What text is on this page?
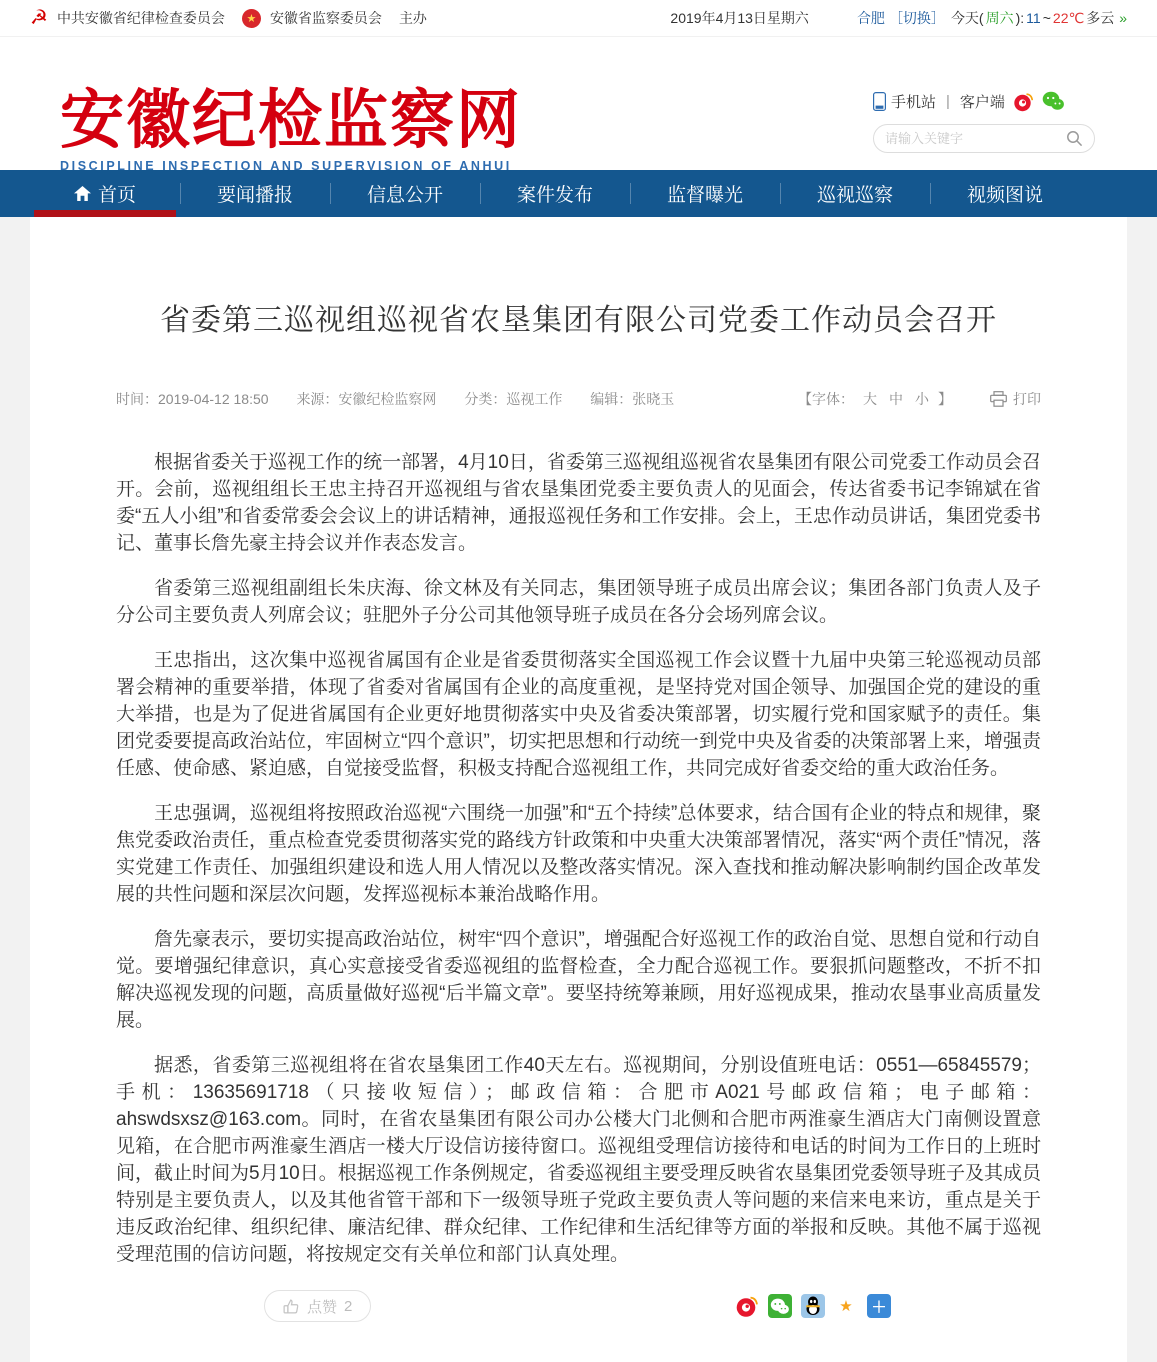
☭ 中共安徽省纪律检查委员会	★ 安徽省监察委员会 主办	2019年4月13日星期六	合肥 ［切换］ 今天( 周六 ): 11 ~ 22℃ 多云 »
安徽纪检监察网
DISCIPLINE INSPECTION AND SUPERVISION OF ANHUI
手机站 | 客户端
请输入关键字
首页	要闻播报	信息公开	案件发布	监督曝光	巡视巡察	视频图说
省委第三巡视组巡视省农垦集团有限公司党委工作动员会召开
时间：2019-04-12 18:50 来源：安徽纪检监察网 分类：巡视工作 编辑：张晓玉	【字体： 大 中 小 】	打印

根据省委关于巡视工作的统一部署，4月10日，省委第三巡视组巡视省农垦集团有限公司党委工作动员会召开。会前，巡视组组长王忠主持召开巡视组与省农垦集团党委主要负责人的见面会，传达省委书记李锦斌在省委“五人小组”和省委常委会会议上的讲话精神，通报巡视任务和工作安排。会上，王忠作动员讲话，集团党委书记、董事长詹先豪主持会议并作表态发言。

省委第三巡视组副组长朱庆海、徐文林及有关同志，集团领导班子成员出席会议；集团各部门负责人及子分公司主要负责人列席会议；驻肥外子分公司其他领导班子成员在各分会场列席会议。

王忠指出，这次集中巡视省属国有企业是省委贯彻落实全国巡视工作会议暨十九届中央第三轮巡视动员部署会精神的重要举措，体现了省委对省属国有企业的高度重视，是坚持党对国企领导、加强国企党的建设的重大举措，也是为了促进省属国有企业更好地贯彻落实中央及省委决策部署，切实履行党和国家赋予的责任。集团党委要提高政治站位，牢固树立“四个意识”，切实把思想和行动统一到党中央及省委的决策部署上来，增强责任感、使命感、紧迫感，自觉接受监督，积极支持配合巡视组工作，共同完成好省委交给的重大政治任务。

王忠强调，巡视组将按照政治巡视“六围绕一加强”和“五个持续”总体要求，结合国有企业的特点和规律，聚焦党委政治责任，重点检查党委贯彻落实党的路线方针政策和中央重大决策部署情况，落实“两个责任”情况，落实党建工作责任、加强组织建设和选人用人情况以及整改落实情况。深入查找和推动解决影响制约国企改革发展的共性问题和深层次问题，发挥巡视标本兼治战略作用。

詹先豪表示，要切实提高政治站位，树牢“四个意识”，增强配合好巡视工作的政治自觉、思想自觉和行动自觉。要增强纪律意识，真心实意接受省委巡视组的监督检查，全力配合巡视工作。要狠抓问题整改，不折不扣解决巡视发现的问题，高质量做好巡视“后半篇文章”。要坚持统筹兼顾，用好巡视成果，推动农垦事业高质量发展。

据悉，省委第三巡视组将在省农垦集团工作40天左右。巡视期间，分别设值班电话：0551—65845579；手机：13635691718（只接收短信）；邮政信箱：合肥市A021号邮政信箱；电子邮箱：ahswdsxsz@163.com。同时，在省农垦集团有限公司办公楼大门北侧和合肥市两淮豪生酒店大门南侧设置意见箱，在合肥市两淮豪生酒店一楼大厅设信访接待窗口。巡视组受理信访接待和电话的时间为工作日的上班时间，截止时间为5月10日。根据巡视工作条例规定，省委巡视组主要受理反映省农垦集团党委领导班子及其成员特别是主要负责人，以及其他省管干部和下一级领导班子党政主要负责人等问题的来信来电来访，重点是关于违反政治纪律、组织纪律、廉洁纪律、群众纪律、工作纪律和生活纪律等方面的举报和反映。其他不属于巡视受理范围的信访问题，将按规定交有关单位和部门认真处理。

点赞 2	★	＋
